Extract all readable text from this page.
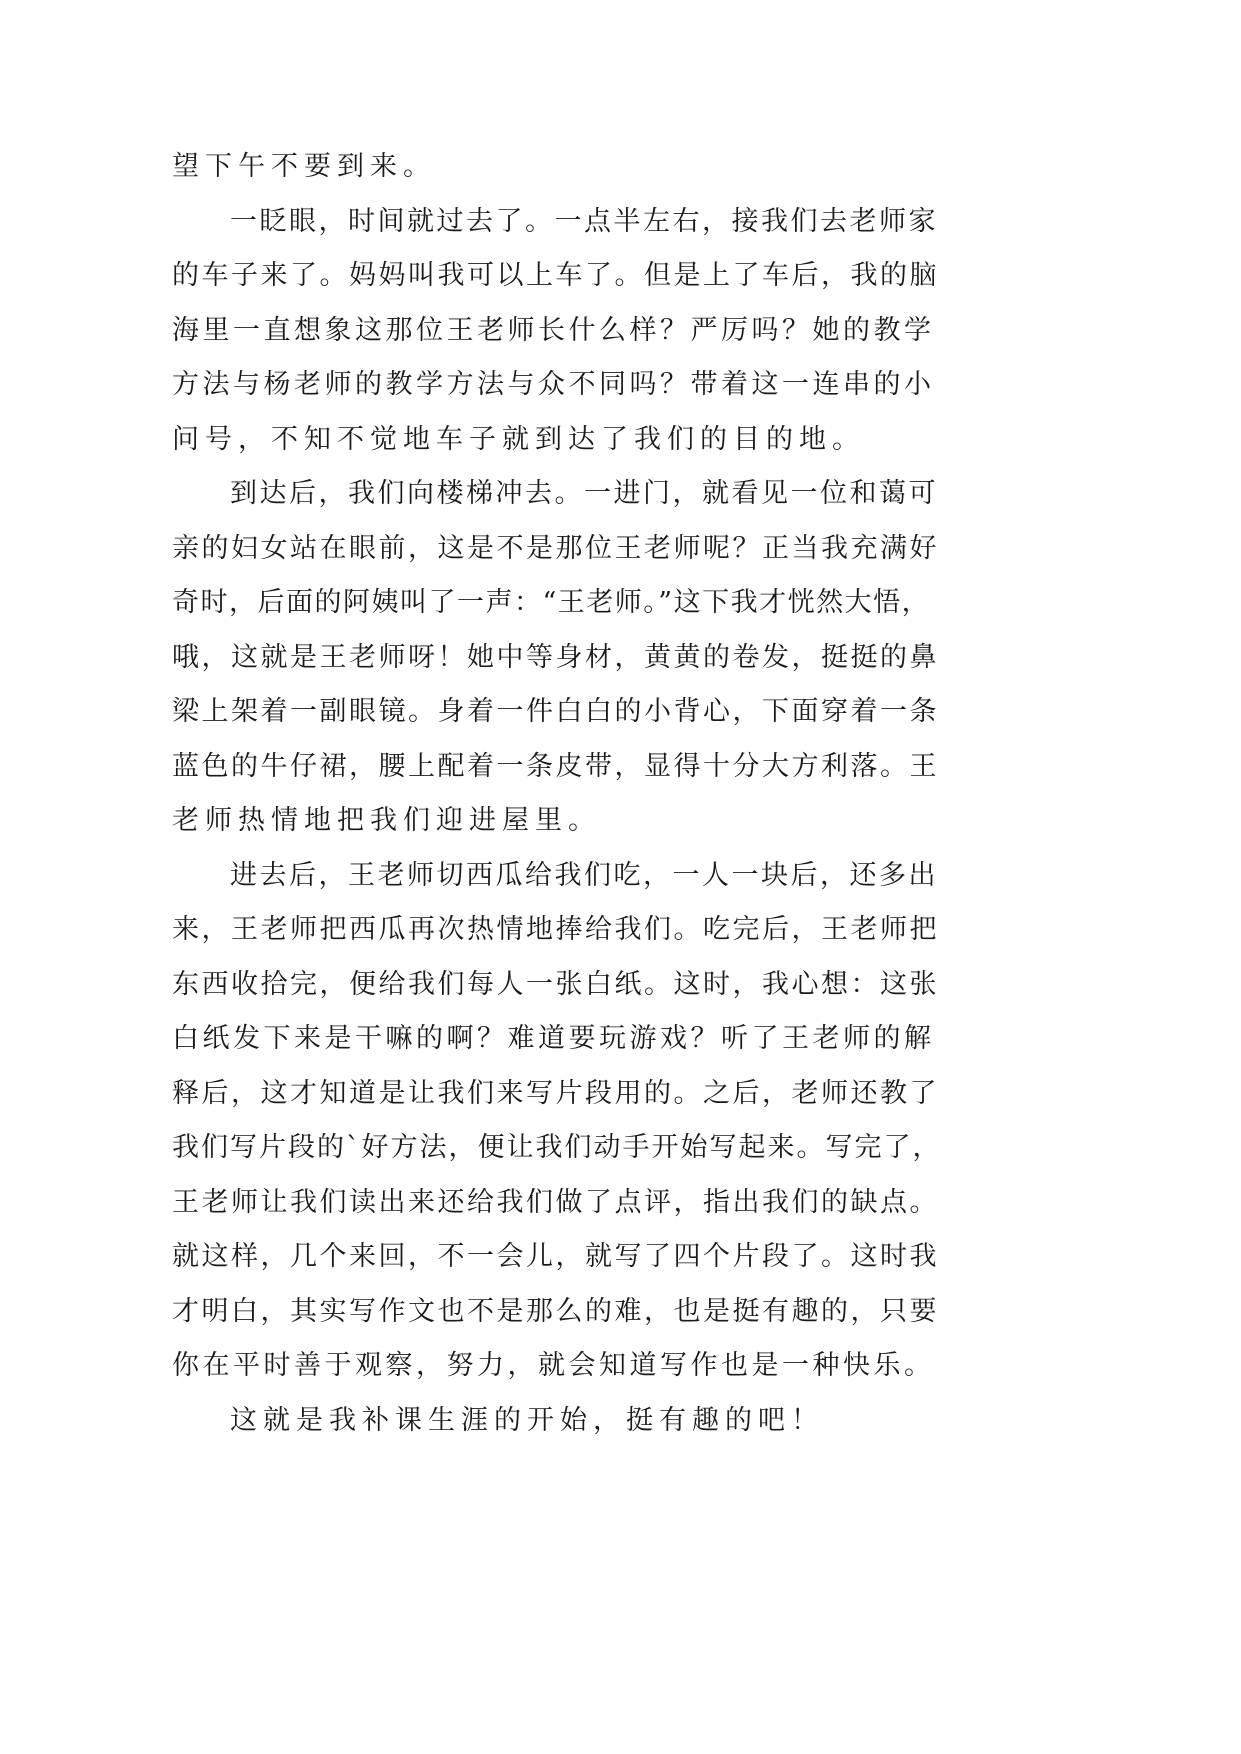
望下午不要到来。
一眨眼，时间就过去了。一点半左右，接我们去老师家
的车子来了。妈妈叫我可以上车了。但是上了车后，我的脑
海里一直想象这那位王老师长什么样？严厉吗？她的教学
方法与杨老师的教学方法与众不同吗？带着这一连串的小
问号，不知不觉地车子就到达了我们的目的地。
到达后，我们向楼梯冲去。一进门，就看见一位和蔼可
亲的妇女站在眼前，这是不是那位王老师呢？正当我充满好
奇时，后面的阿姨叫了一声：“王老师。”这下我才恍然大悟，
哦，这就是王老师呀！她中等身材，黄黄的卷发，挺挺的鼻
梁上架着一副眼镜。身着一件白白的小背心，下面穿着一条
蓝色的牛仔裙，腰上配着一条皮带，显得十分大方利落。王
老师热情地把我们迎进屋里。
进去后，王老师切西瓜给我们吃，一人一块后，还多出
来，王老师把西瓜再次热情地捧给我们。吃完后，王老师把
东西收拾完，便给我们每人一张白纸。这时，我心想：这张
白纸发下来是干嘛的啊？难道要玩游戏？听了王老师的解
释后，这才知道是让我们来写片段用的。之后，老师还教了
我们写片段的`好方法，便让我们动手开始写起来。写完了，
王老师让我们读出来还给我们做了点评，指出我们的缺点。
就这样，几个来回，不一会儿，就写了四个片段了。这时我
才明白，其实写作文也不是那么的难，也是挺有趣的，只要
你在平时善于观察，努力，就会知道写作也是一种快乐。
这就是我补课生涯的开始，挺有趣的吧！
